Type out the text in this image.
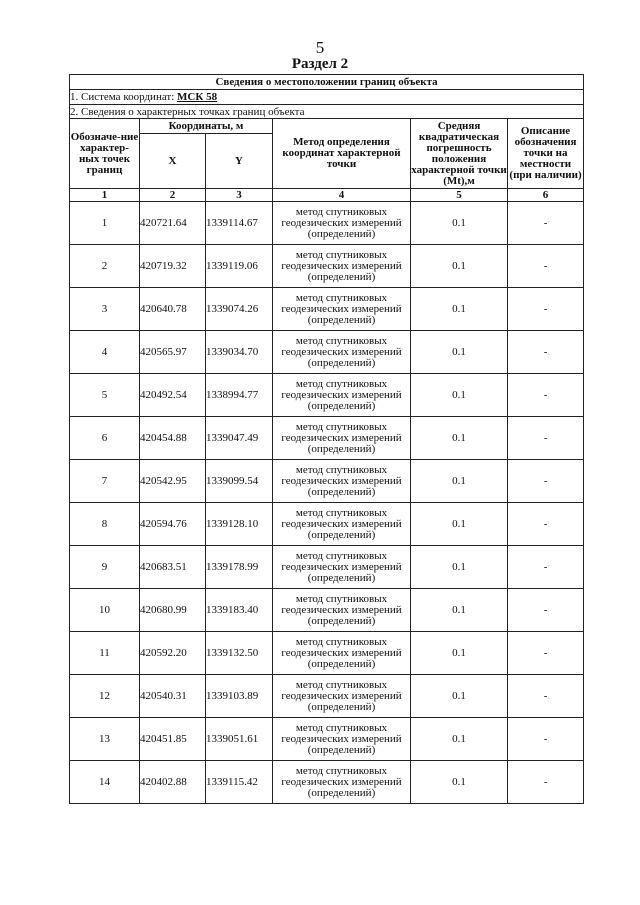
5
Раздел 2
Сведения о местоположении границ объекта					
1. Система координат: МСК 58					
2. Сведения о характерных точках границ объекта					
Обозначе-ние характер-ных точек границ	Координаты, м		Метод определения координат характерной точки	Средняя квадратическая погрешность положения характерной точки (Mt),м	Описание обозначения точки на местности (при наличии)
	X	Y			
1	2	3	4	5	6
1	420721.64	1339114.67	метод спутниковых геодезических измерений (определений)	0.1	-
2	420719.32	1339119.06	метод спутниковых геодезических измерений (определений)	0.1	-
3	420640.78	1339074.26	метод спутниковых геодезических измерений (определений)	0.1	-
4	420565.97	1339034.70	метод спутниковых геодезических измерений (определений)	0.1	-
5	420492.54	1338994.77	метод спутниковых геодезических измерений (определений)	0.1	-
6	420454.88	1339047.49	метод спутниковых геодезических измерений (определений)	0.1	-
7	420542.95	1339099.54	метод спутниковых геодезических измерений (определений)	0.1	-
8	420594.76	1339128.10	метод спутниковых геодезических измерений (определений)	0.1	-
9	420683.51	1339178.99	метод спутниковых геодезических измерений (определений)	0.1	-
10	420680.99	1339183.40	метод спутниковых геодезических измерений (определений)	0.1	-
11	420592.20	1339132.50	метод спутниковых геодезических измерений (определений)	0.1	-
12	420540.31	1339103.89	метод спутниковых геодезических измерений (определений)	0.1	-
13	420451.85	1339051.61	метод спутниковых геодезических измерений (определений)	0.1	-
14	420402.88	1339115.42	метод спутниковых геодезических измерений (определений)	0.1	-
